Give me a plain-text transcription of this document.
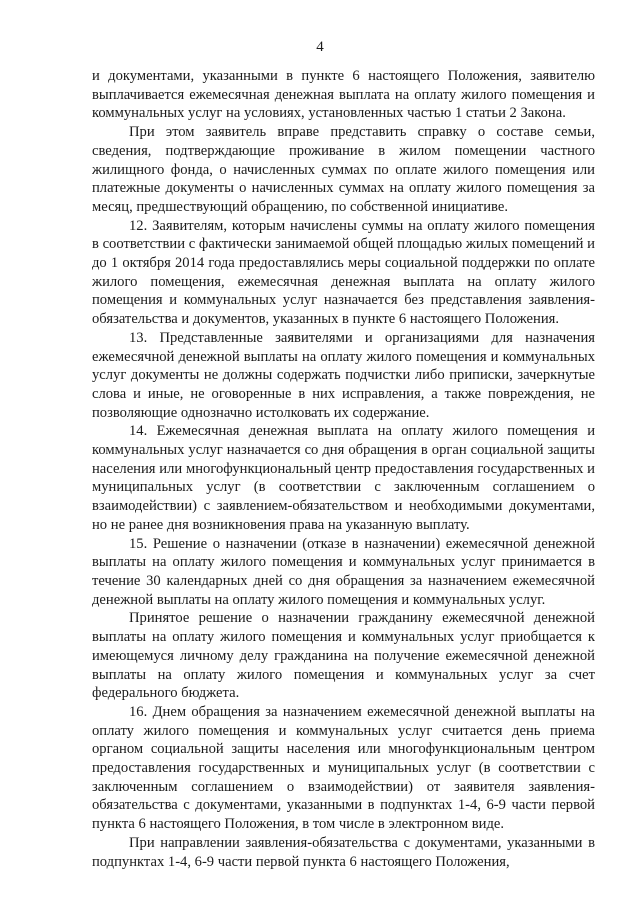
4

и документами, указанными в пункте 6 настоящего Положения, заявителю выплачивается ежемесячная денежная выплата на оплату жилого помещения и коммунальных услуг на условиях, установленных частью 1 статьи 2 Закона.

При этом заявитель вправе представить справку о составе семьи, сведения, подтверждающие проживание в жилом помещении частного жилищного фонда, о начисленных суммах по оплате жилого помещения или платежные документы о начисленных суммах на оплату жилого помещения за месяц, предшествующий обращению, по собственной инициативе.

12. Заявителям, которым начислены суммы на оплату жилого помещения в соответствии с фактически занимаемой общей площадью жилых помещений и до 1 октября 2014 года предоставлялись меры социальной поддержки по оплате жилого помещения, ежемесячная денежная выплата на оплату жилого помещения и коммунальных услуг назначается без представления заявления-обязательства и документов, указанных в пункте 6 настоящего Положения.

13. Представленные заявителями и организациями для назначения ежемесячной денежной выплаты на оплату жилого помещения и коммунальных услуг документы не должны содержать подчистки либо приписки, зачеркнутые слова и иные, не оговоренные в них исправления, а также повреждения, не позволяющие однозначно истолковать их содержание.

14. Ежемесячная денежная выплата на оплату жилого помещения и коммунальных услуг назначается со дня обращения в орган социальной защиты населения или многофункциональный центр предоставления государственных и муниципальных услуг (в соответствии с заключенным соглашением о взаимодействии) с заявлением-обязательством и необходимыми документами, но не ранее дня возникновения права на указанную выплату.

15. Решение о назначении (отказе в назначении) ежемесячной денежной выплаты на оплату жилого помещения и коммунальных услуг принимается в течение 30 календарных дней со дня обращения за назначением ежемесячной денежной выплаты на оплату жилого помещения и коммунальных услуг.

Принятое решение о назначении гражданину ежемесячной денежной выплаты на оплату жилого помещения и коммунальных услуг приобщается к имеющемуся личному делу гражданина на получение ежемесячной денежной выплаты на оплату жилого помещения и коммунальных услуг за счет федерального бюджета.

16. Днем обращения за назначением ежемесячной денежной выплаты на оплату жилого помещения и коммунальных услуг считается день приема органом социальной защиты населения или многофункциональным центром предоставления государственных и муниципальных услуг (в соответствии с заключенным соглашением о взаимодействии) от заявителя заявления-обязательства с документами, указанными в подпунктах 1-4, 6-9 части первой пункта 6 настоящего Положения, в том числе в электронном виде.

При направлении заявления-обязательства с документами, указанными в подпунктах 1-4, 6-9 части первой пункта 6 настоящего Положения,
